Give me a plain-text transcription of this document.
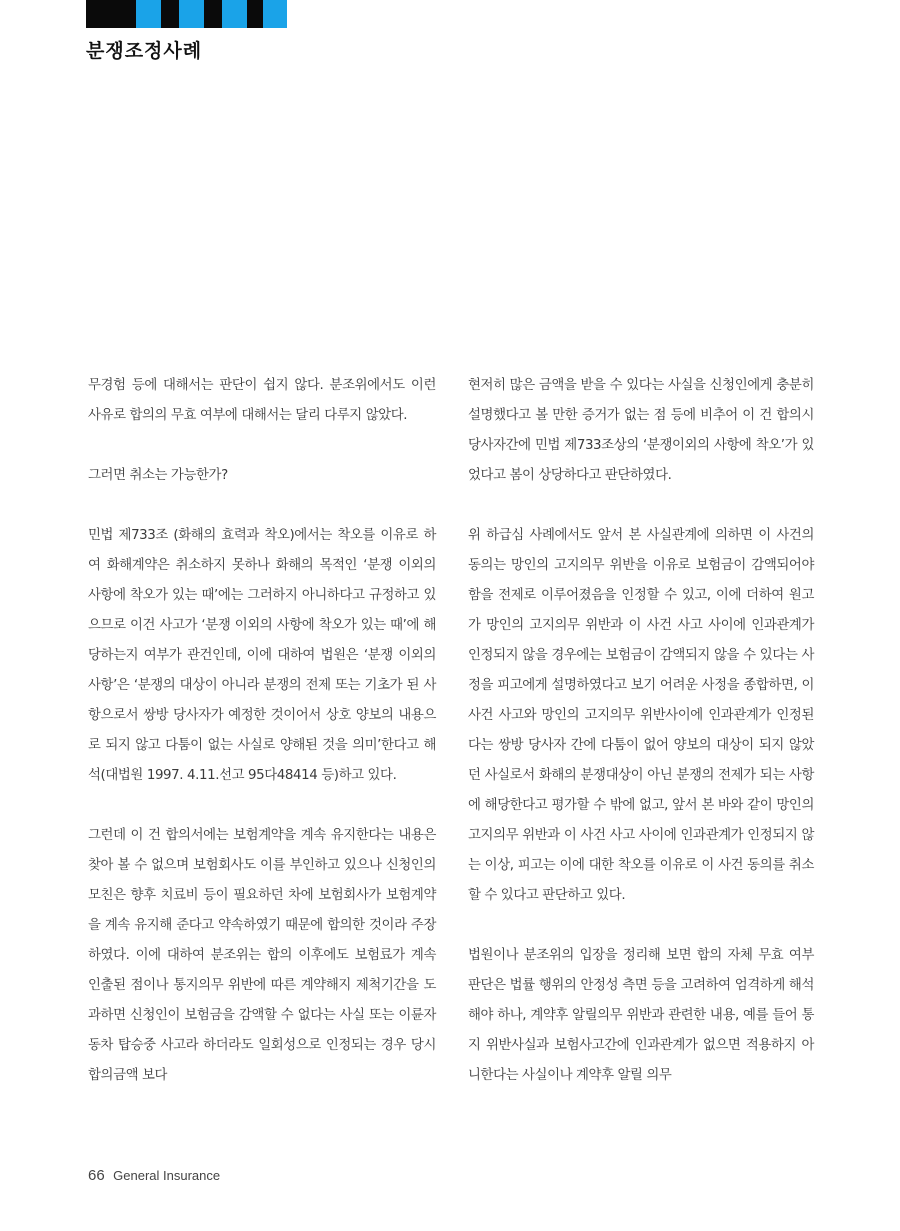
분쟁조정사례

무경험 등에 대해서는 판단이 쉽지 않다. 분조위에서도 이런 사유로 합의의 무효 여부에 대해서는 달리 다루지 않았다.

그러면 취소는 가능한가?

민법 제733조 (화해의 효력과 착오)에서는 착오를 이유로 하여 화해계약은 취소하지 못하나 화해의 목적인 ‘분쟁 이외의 사항에 착오가 있는 때’에는 그러하지 아니하다고 규정하고 있으므로 이건 사고가 ‘분쟁 이외의 사항에 착오가 있는 때’에 해당하는지 여부가 관건인데, 이에 대하여 법원은 ‘분쟁 이외의 사항’은 ‘분쟁의 대상이 아니라 분쟁의 전제 또는 기초가 된 사항으로서 쌍방 당사자가 예정한 것이어서 상호 양보의 내용으로 되지 않고 다툼이 없는 사실로 양해된 것을 의미’한다고 해석(대법원 1997. 4.11.선고 95다48414 등)하고 있다.

그런데 이 건 합의서에는 보험계약을 계속 유지한다는 내용은 찾아 볼 수 없으며 보험회사도 이를 부인하고 있으나 신청인의 모친은 향후 치료비 등이 필요하던 차에 보험회사가 보험계약을 계속 유지해 준다고 약속하였기 때문에 합의한 것이라 주장하였다. 이에 대하여 분조위는 합의 이후에도 보험료가 계속 인출된 점이나 통지의무 위반에 따른 계약해지 제척기간을 도과하면 신청인이 보험금을 감액할 수 없다는 사실 또는 이륜자동차 탑승중 사고라 하더라도 일회성으로 인정되는 경우 당시 합의금액 보다

현저히 많은 금액을 받을 수 있다는 사실을 신청인에게 충분히 설명했다고 볼 만한 증거가 없는 점 등에 비추어 이 건 합의시 당사자간에 민법 제733조상의 ‘분쟁이외의 사항에 착오’가 있었다고 봄이 상당하다고 판단하였다.

위 하급심 사례에서도 앞서 본 사실관계에 의하면 이 사건의 동의는 망인의 고지의무 위반을 이유로 보험금이 감액되어야 함을 전제로 이루어졌음을 인정할 수 있고, 이에 더하여 원고가 망인의 고지의무 위반과 이 사건 사고 사이에 인과관계가 인정되지 않을 경우에는 보험금이 감액되지 않을 수 있다는 사정을 피고에게 설명하였다고 보기 어려운 사정을 종합하면, 이 사건 사고와 망인의 고지의무 위반사이에 인과관계가 인정된다는 쌍방 당사자 간에 다툼이 없어 양보의 대상이 되지 않았던 사실로서 화해의 분쟁대상이 아닌 분쟁의 전제가 되는 사항에 해당한다고 평가할 수 밖에 없고, 앞서 본 바와 같이 망인의 고지의무 위반과 이 사건 사고 사이에 인과관계가 인정되지 않는 이상, 피고는 이에 대한 착오를 이유로 이 사건 동의를 취소할 수 있다고 판단하고 있다.

법원이나 분조위의 입장을 정리해 보면 합의 자체 무효 여부 판단은 법률 행위의 안정성 측면 등을 고려하여 엄격하게 해석해야 하나, 계약후 알릴의무 위반과 관련한 내용, 예를 들어 통지 위반사실과 보험사고간에 인과관계가 없으면 적용하지 아니한다는 사실이나 계약후 알릴 의무

66 General Insurance
